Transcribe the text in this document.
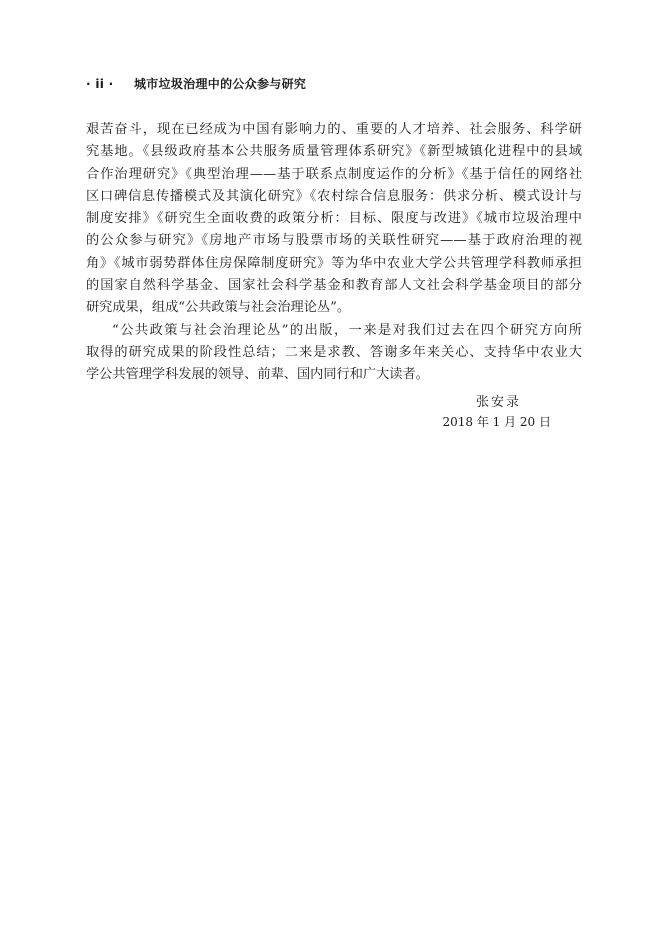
· ii · 城市垃圾治理中的公众参与研究
艰苦奋斗，现在已经成为中国有影响力的、重要的人才培养、社会服务、科学研
究基地。《县级政府基本公共服务质量管理体系研究》《新型城镇化进程中的县域
合作治理研究》《典型治理——基于联系点制度运作的分析》《基于信任的网络社
区口碑信息传播模式及其演化研究》《农村综合信息服务：供求分析、模式设计与
制度安排》《研究生全面收费的政策分析：目标、限度与改进》《城市垃圾治理中
的公众参与研究》《房地产市场与股票市场的关联性研究——基于政府治理的视
角》《城市弱势群体住房保障制度研究》等为华中农业大学公共管理学科教师承担
的国家自然科学基金、国家社会科学基金和教育部人文社会科学基金项目的部分
研究成果，组成“公共政策与社会治理论丛”。
“公共政策与社会治理论丛”的出版，一来是对我们过去在四个研究方向所
取得的研究成果的阶段性总结；二来是求教、答谢多年来关心、支持华中农业大
学公共管理学科发展的领导、前辈、国内同行和广大读者。
张安录
2018 年 1 月 20 日
